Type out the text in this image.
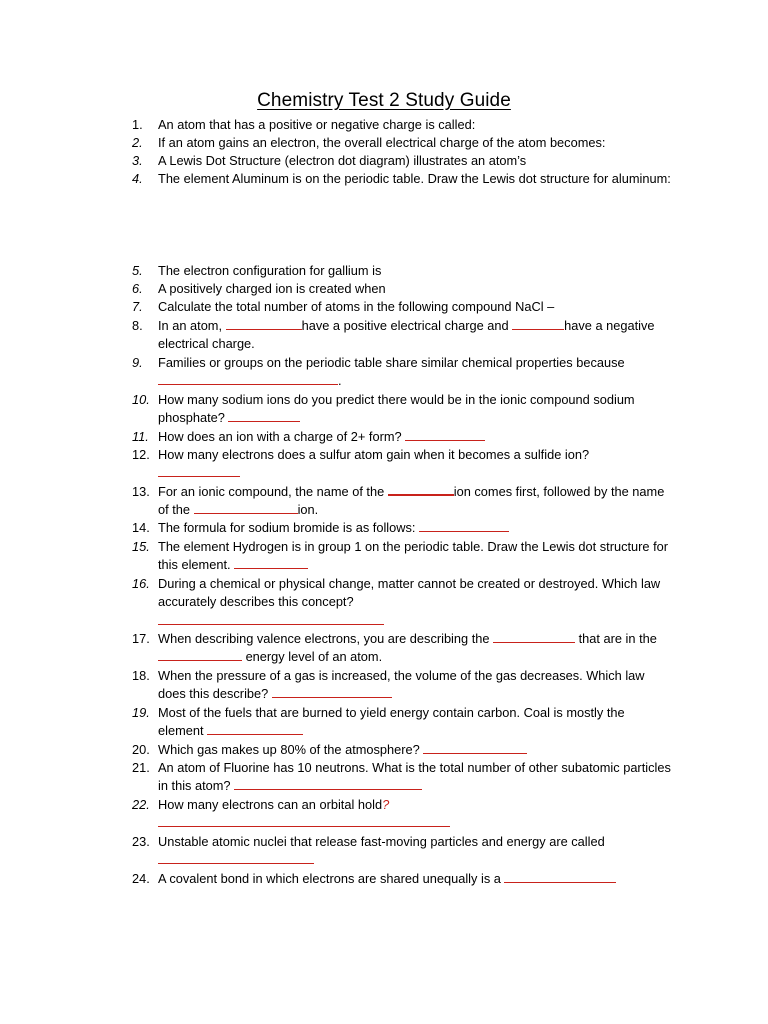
Chemistry Test 2 Study Guide
1. An atom that has a positive or negative charge is called:
2. If an atom gains an electron, the overall electrical charge of the atom becomes:
3. A Lewis Dot Structure (electron dot diagram) illustrates an atom’s
4. The element Aluminum is on the periodic table. Draw the Lewis dot structure for aluminum:
5. The electron configuration for gallium is
6. A positively charged ion is created when
7. Calculate the total number of atoms in the following compound NaCl –
8. In an atom,	have a positive electrical charge and	have a negative electrical charge.
9. Families or groups on the periodic table share similar chemical properties because.
10. How many sodium ions do you predict there would be in the ionic compound sodium phosphate?
11. How does an ion with a charge of 2+ form?
12. How many electrons does a sulfur atom gain when it becomes a sulfide ion?
13. For an ionic compound, the name of the	ion comes first, followed by the name of the	ion.
14. The formula for sodium bromide is as follows:
15. The element Hydrogen is in group 1 on the periodic table. Draw the Lewis dot structure for this element.
16. During a chemical or physical change, matter cannot be created or destroyed. Which law accurately describes this concept?

17. When describing valence electrons, you are describing the	that are in the  energy level of an atom.
18. When the pressure of a gas is increased, the volume of the gas decreases. Which law does this describe?
19. Most of the fuels that are burned to yield energy contain carbon. Coal is mostly the element
20. Which gas makes up 80% of the atmosphere?
21. An atom of Fluorine has 10 neutrons. What is the total number of other subatomic particles in this atom?
22. How many electrons can an orbital hold?

23. Unstable atomic nuclei that release fast-moving particles and energy are called

24. A covalent bond in which electrons are shared unequally is a
